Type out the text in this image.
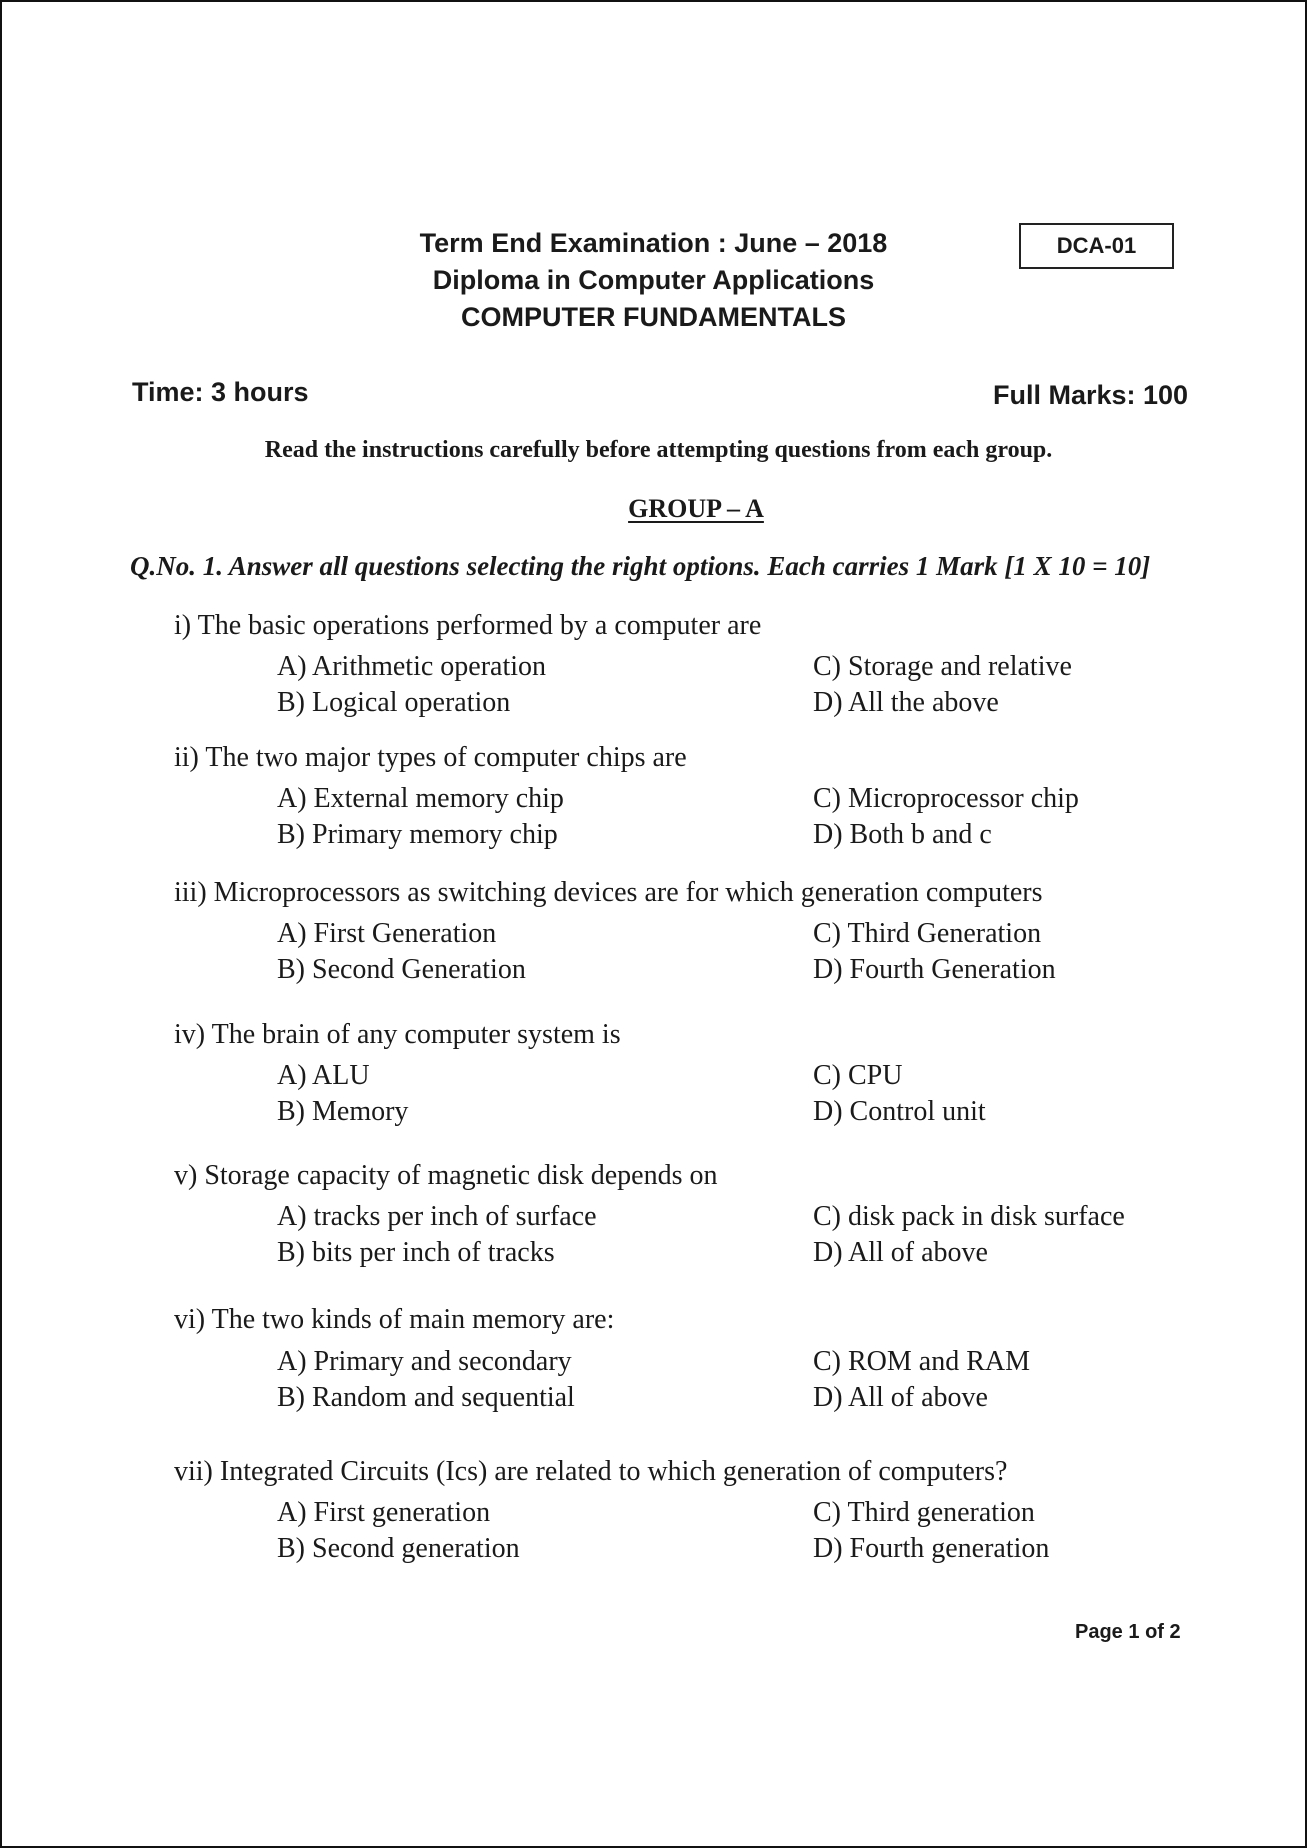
Term End Examination : June – 2018
Diploma in Computer Applications
COMPUTER FUNDAMENTALS
DCA-01
Time: 3 hours	Full Marks: 100
Read the instructions carefully before attempting questions from each group.
GROUP – A
Q.No. 1. Answer all questions selecting the right options. Each carries 1 Mark [1 X 10 = 10]
i) The basic operations performed by a computer are
A) Arithmetic operation
B) Logical operation
C) Storage and relative
D) All the above
ii) The two major types of computer chips are
A) External memory chip
B) Primary memory chip
C) Microprocessor chip
D) Both b and c
iii) Microprocessors as switching devices are for which generation computers
A) First Generation
B) Second Generation
C) Third Generation
D) Fourth Generation
iv) The brain of any computer system is
A) ALU
B) Memory
C) CPU
D) Control unit
v) Storage capacity of magnetic disk depends on
A) tracks per inch of surface
B) bits per inch of tracks
C) disk pack in disk surface
D) All of above
vi) The two kinds of main memory are:
A) Primary and secondary
B) Random and sequential
C) ROM and RAM
D) All of above
vii) Integrated Circuits (Ics) are related to which generation of computers?
A) First generation
B) Second generation
C) Third generation
D) Fourth generation
Page 1 of 2
